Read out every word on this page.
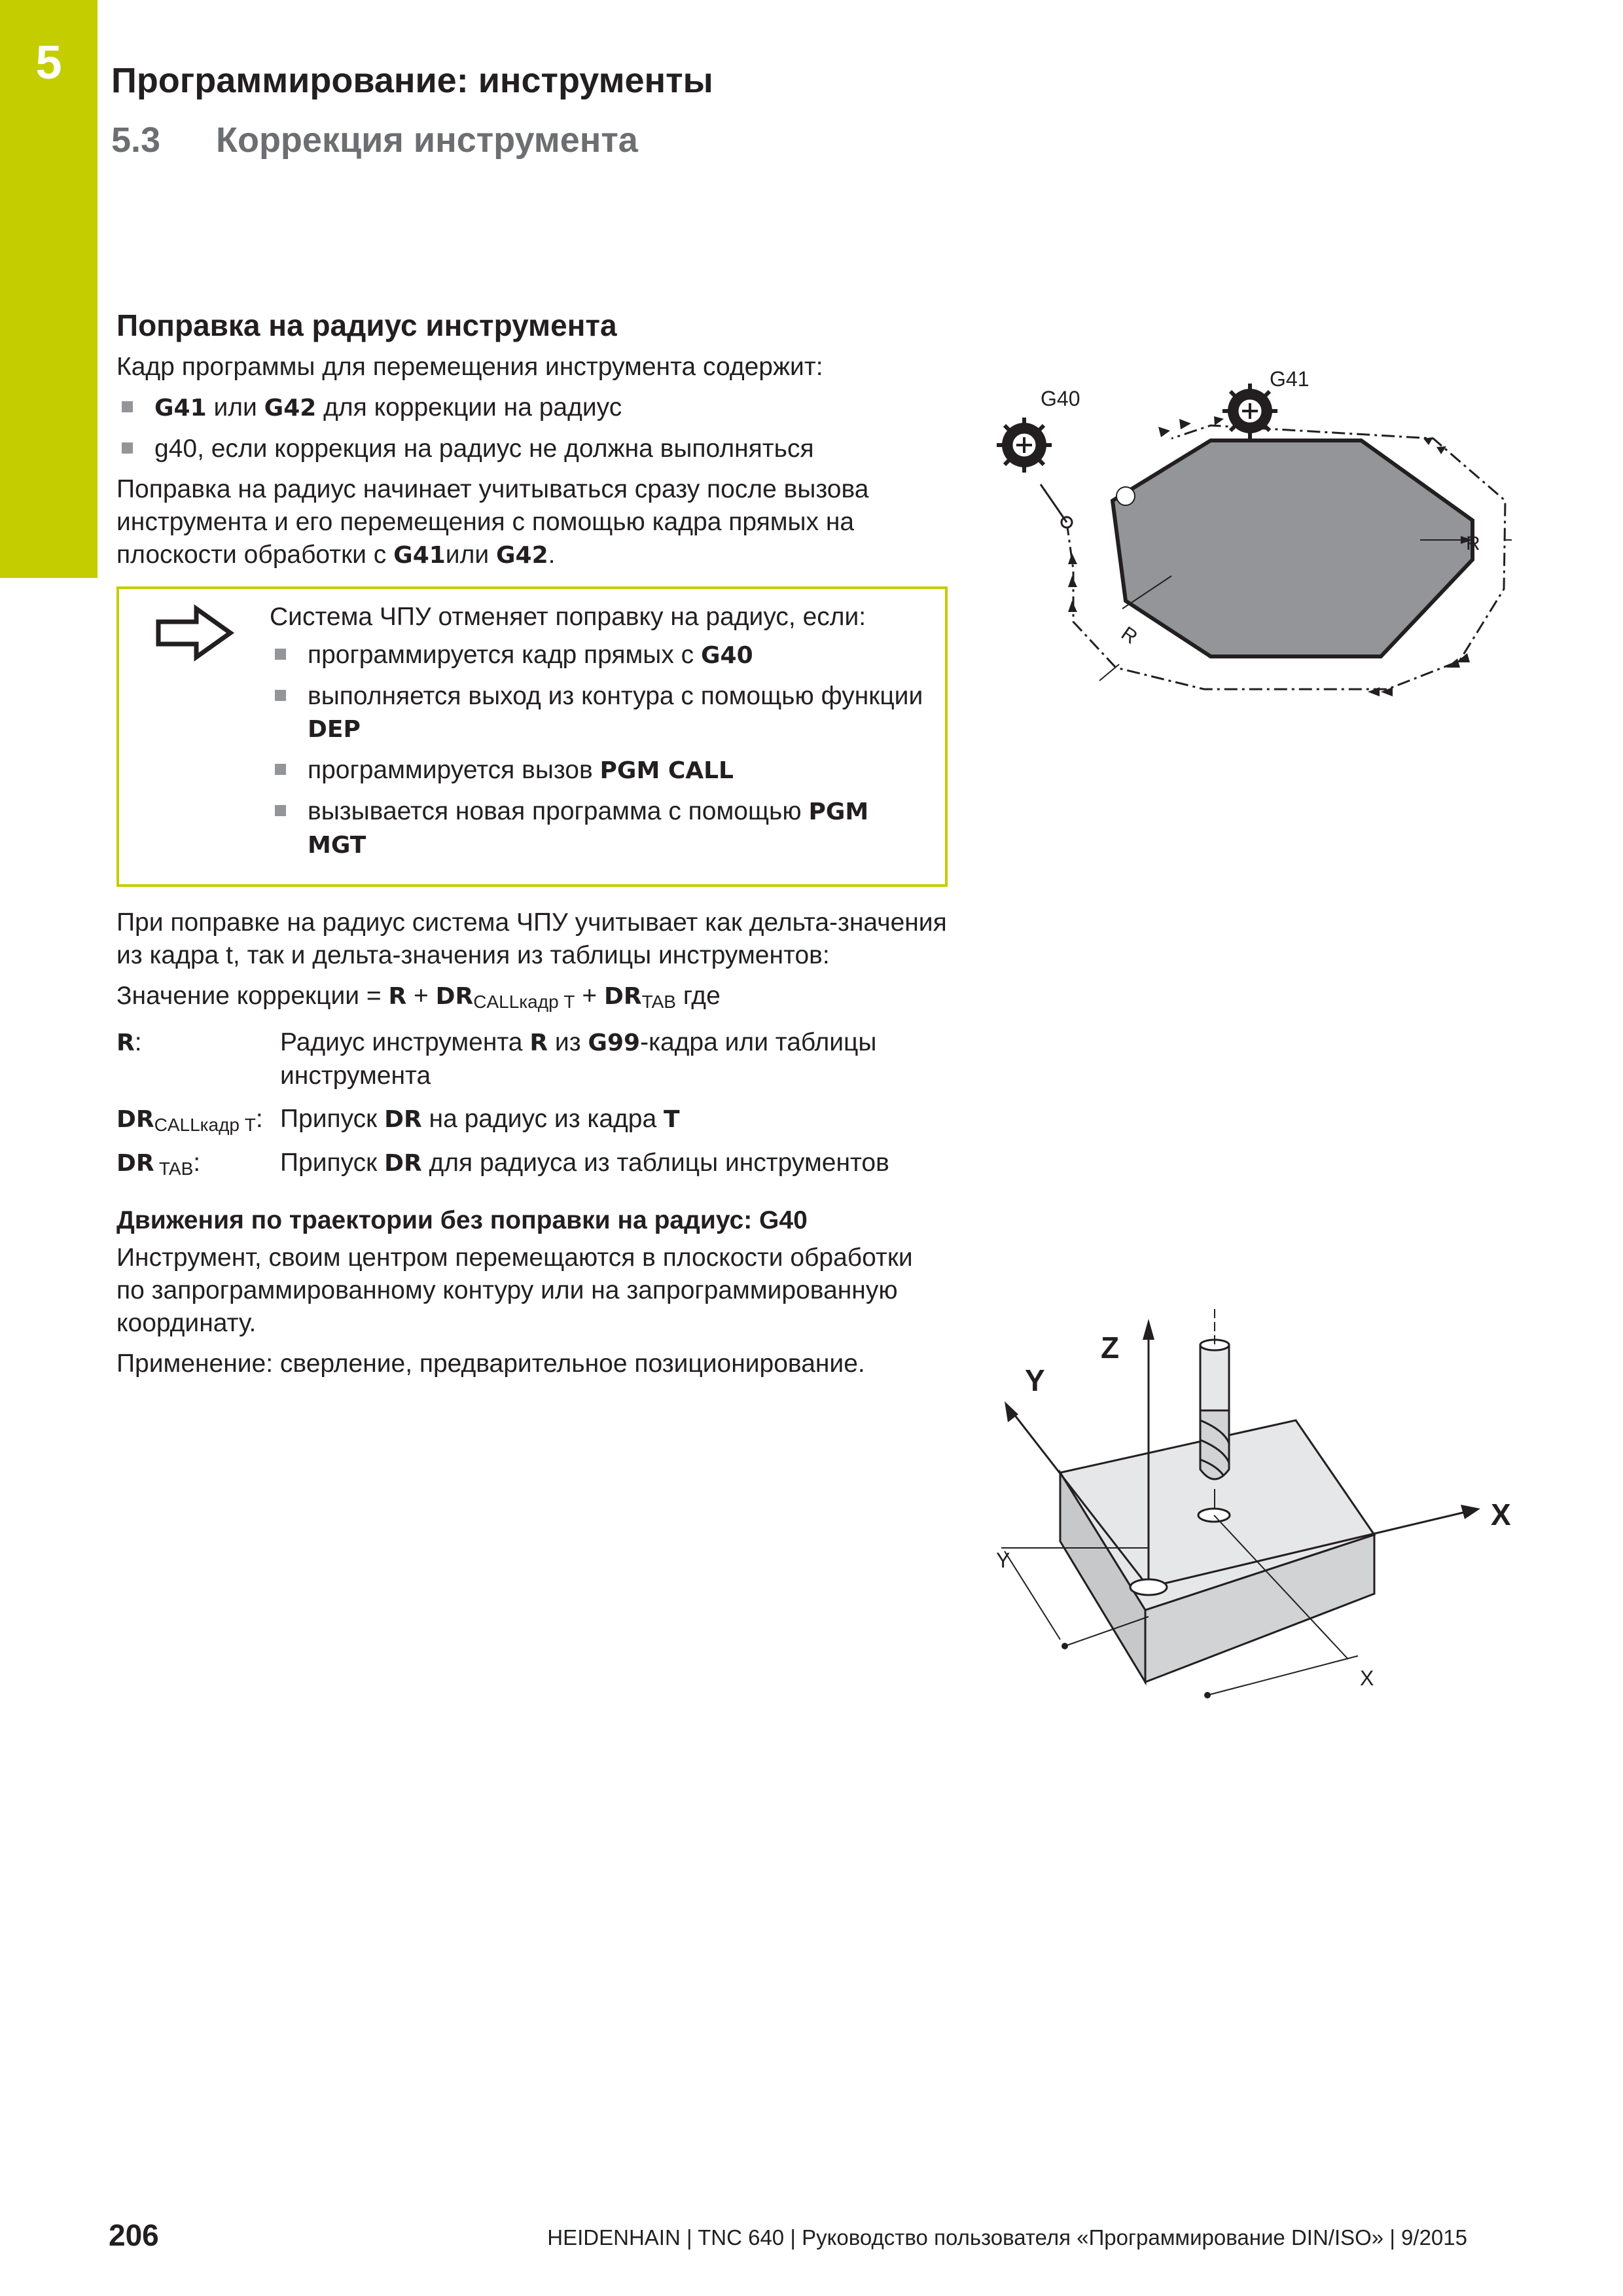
5	Программирование: инструменты
5.3 Коррекция инструмента
Поправка на радиус инструмента

Кадр программы для перемещения инструмента содержит:

G41 или G42 для коррекции на радиус
g40, если коррекция на радиус не должна выполняться

Поправка на радиус начинает учитываться сразу после вызова инструмента и его перемещения с помощью кадра прямых на плоскости обработки с G41или G42.

Система ЧПУ отменяет поправку на радиус, если:

программируется кадр прямых с G40
выполняется выход из контура с помощью функции DEP
программируется вызов PGM CALL
вызывается новая программа с помощью PGM MGT

При поправке на радиус система ЧПУ учитывает как дельта-значения из кадра t, так и дельта-значения из таблицы инструментов:

Значение коррекции = $R + DR_{CALLкадр T} + DR_{TAB}$ где

R:	Радиус инструмента R из G99-кадра или таблицы инструмента
$DR_{CALLкадр T}$: Припуск DR на радиус из кадра T
DR $_{TAB}$:	Припуск DR для радиуса из таблицы инструментов
Движения по траектории без поправки на радиус: G40

Инструмент, своим центром перемещаются в плоскости обработки по запрограммированному контуру или на запрограммированную координату.

Применение: сверление, предварительное позиционирование.

G40
G41
R
R
Z
Y
X
Y
X
206	HEIDENHAIN | TNC 640 | Руководство пользователя «Программирование DIN/ISO» | 9/2015
